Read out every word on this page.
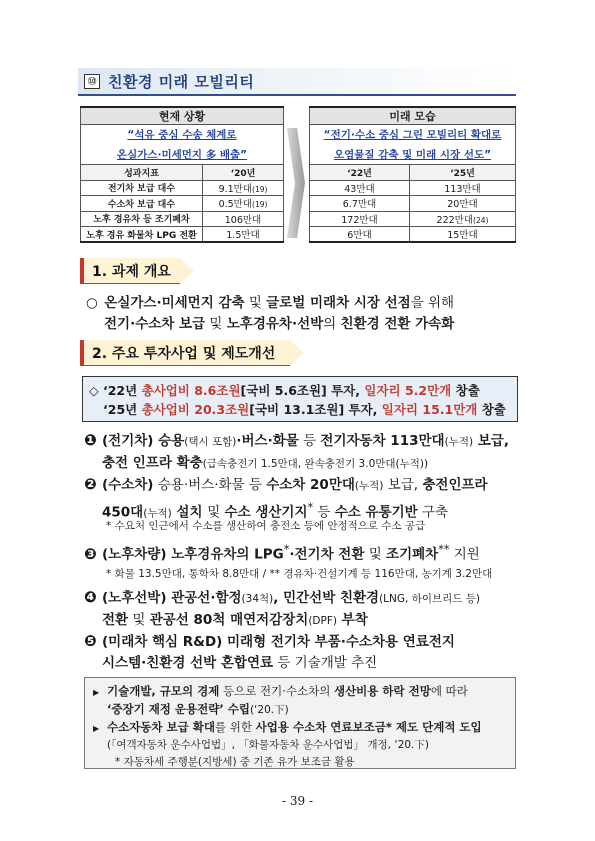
⑩ 친환경 미래 모빌리티
현재 상황	
“석유 중심 수송 체계로	
온실가스·미세먼지 多 배출”	
성과지표	‘20년
전기차 보급 대수	9.1만대(19)
수소차 보급 대수	0.5만대(19)
노후 경유차 등 조기폐차	106만대
노후 경유 화물차 LPG 전환	1.5만대
미래 모습	
“전기·수소 중심 그린 모빌리티 확대로	
오염물질 감축 및 미래 시장 선도”	
‘22년	‘25년
43만대	113만대
6.7만대	20만대
172만대	222만대(24)
6만대	15만대
1. 과제 개요
○ 온실가스·미세먼지 감축 및 글로벌 미래차 시장 선점을 위해
전기·수소차 보급 및 노후경유차·선박의 친환경 전환 가속화
2. 주요 투자사업 및 제도개선
◇ ‘22년 총사업비 8.6조원[국비 5.6조원] 투자, 일자리 5.2만개 창출
‘25년 총사업비 20.3조원[국비 13.1조원] 투자, 일자리 15.1만개 창출
❶ (전기차) 승용(택시 포함)·버스·화물 등 전기자동차 113만대(누적) 보급,
충전 인프라 확충(급속충전기 1.5만대, 완속충전기 3.0만대(누적))
❷ (수소차) 승용·버스·화물 등 수소차 20만대(누적) 보급, 충전인프라
450대(누적) 설치 및 수소 생산기지* 등 수소 유통기반 구축
* 수요처 인근에서 수소를 생산하여 충전소 등에 안정적으로 수소 공급
❸ (노후차량) 노후경유차의 LPG*·전기차 전환 및 조기폐차** 지원
* 화물 13.5만대, 통학차 8.8만대 / ** 경유차·건설기계 등 116만대, 농기계 3.2만대
❹ (노후선박) 관공선·함정(34척), 민간선박 친환경(LNG, 하이브리드 등)
전환 및 관공선 80척 매연저감장치(DPF) 부착
❺ (미래차 핵심 R&D) 미래형 전기차 부품·수소차용 연료전지
시스템·친환경 선박 혼합연료 등 기술개발 추진
▶ 기술개발, 규모의 경제 등으로 전기·수소차의 생산비용 하락 전망에 따라
‘중장기 재정 운용전략’ 수립(‘20.下)
▶ 수소자동차 보급 확대를 위한 사업용 수소차 연료보조금* 제도 단계적 도입
(「여객자동차 운수사업법」, 「화물자동차 운수사업법」 개정, ‘20.下)
* 자동차세 주행분(지방세) 중 기존 유가 보조금 활용
- 39 -
